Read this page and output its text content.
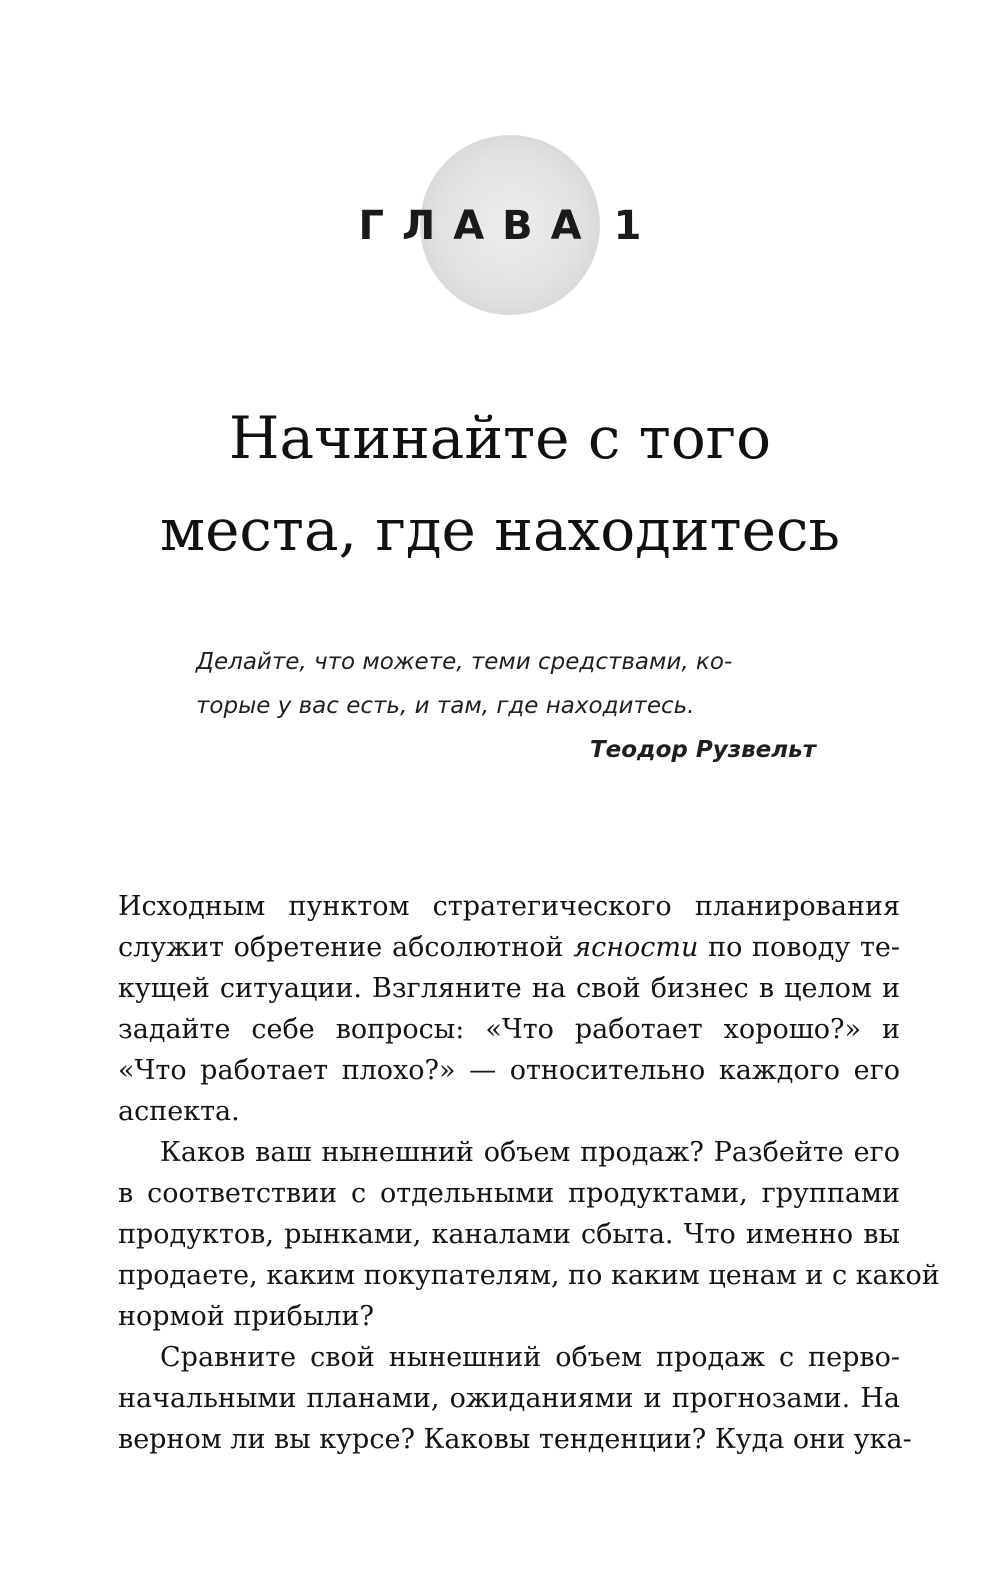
ГЛАВА 1
Начинайте с того
места, где находитесь
Делайте, что можете, теми средствами, ко-
торые у вас есть, и там, где находитесь.
Теодор Рузвельт

Исходным пунктом стратегического планирования
служит обретение абсолютной ясности по поводу те-
кущей ситуации. Взгляните на свой бизнес в целом и
задайте себе вопросы: «Что работает хорошо?» и
«Что работает плохо?» — относительно каждого его
аспекта.

Каков ваш нынешний объем продаж? Разбейте его
в соответствии с отдельными продуктами, группами
продуктов, рынками, каналами сбыта. Что именно вы
продаете, каким покупателям, по каким ценам и с какой
нормой прибыли?

Сравните свой нынешний объем продаж с перво-
начальными планами, ожиданиями и прогнозами. На
верном ли вы курсе? Каковы тенденции? Куда они ука-
